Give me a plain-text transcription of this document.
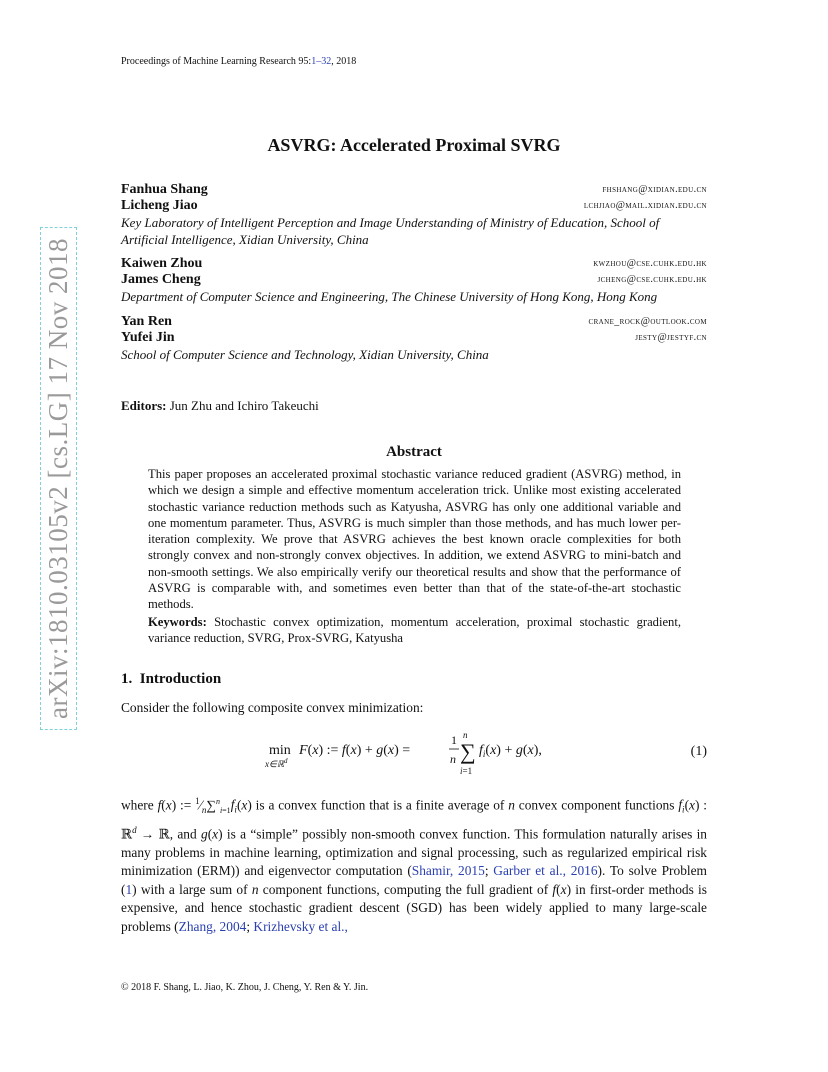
Proceedings of Machine Learning Research 95:1–32, 2018
arXiv:1810.03105v2 [cs.LG] 17 Nov 2018
ASVRG: Accelerated Proximal SVRG
Fanhua Shang	fhshang@xidian.edu.cn
Licheng Jiao	lchjiao@mail.xidian.edu.cn
Key Laboratory of Intelligent Perception and Image Understanding of Ministry of Education, School of Artificial Intelligence, Xidian University, China
Kaiwen Zhou	kwzhou@cse.cuhk.edu.hk
James Cheng	jcheng@cse.cuhk.edu.hk
Department of Computer Science and Engineering, The Chinese University of Hong Kong, Hong Kong
Yan Ren	crane_rock@outlook.com
Yufei Jin	jesty@jestyf.cn
School of Computer Science and Technology, Xidian University, China
Editors: Jun Zhu and Ichiro Takeuchi
Abstract
This paper proposes an accelerated proximal stochastic variance reduced gradient (ASVRG) method, in which we design a simple and effective momentum acceleration trick. Unlike most existing accelerated stochastic variance reduction methods such as Katyusha, ASVRG has only one additional variable and one momentum parameter. Thus, ASVRG is much simpler than those methods, and has much lower per-iteration complexity. We prove that ASVRG achieves the best known oracle complexities for both strongly convex and non-strongly convex objectives. In addition, we extend ASVRG to mini-batch and non-smooth settings. We also empirically verify our theoretical results and show that the performance of ASVRG is comparable with, and sometimes even better than that of the state-of-the-art stochastic methods.
Keywords: Stochastic convex optimization, momentum acceleration, proximal stochastic gradient, variance reduction, SVRG, Prox-SVRG, Katyusha
1. Introduction
Consider the following composite convex minimization:
min
x∈ℝ$^d$
F(x) := f(x) + g(x) =
1
n
n
∑
i=1
$f_i(x) + g(x)$,	(1)
where f(x) := $^1⁄_n\sum^n_{i=1}f_i(x)$ is a convex function that is a finite average of n convex component functions $f_i(x)$ : ℝ$^d$ → ℝ, and g(x) is a “simple” possibly non-smooth convex function. This formulation naturally arises in many problems in machine learning, optimization and signal processing, such as regularized empirical risk minimization (ERM)) and eigenvector computation (Shamir, 2015; Garber et al., 2016). To solve Problem (1) with a large sum of n component functions, computing the full gradient of f(x) in first-order methods is expensive, and hence stochastic gradient descent (SGD) has been widely applied to many large-scale problems (Zhang, 2004; Krizhevsky et al.,
© 2018 F. Shang, L. Jiao, K. Zhou, J. Cheng, Y. Ren & Y. Jin.
